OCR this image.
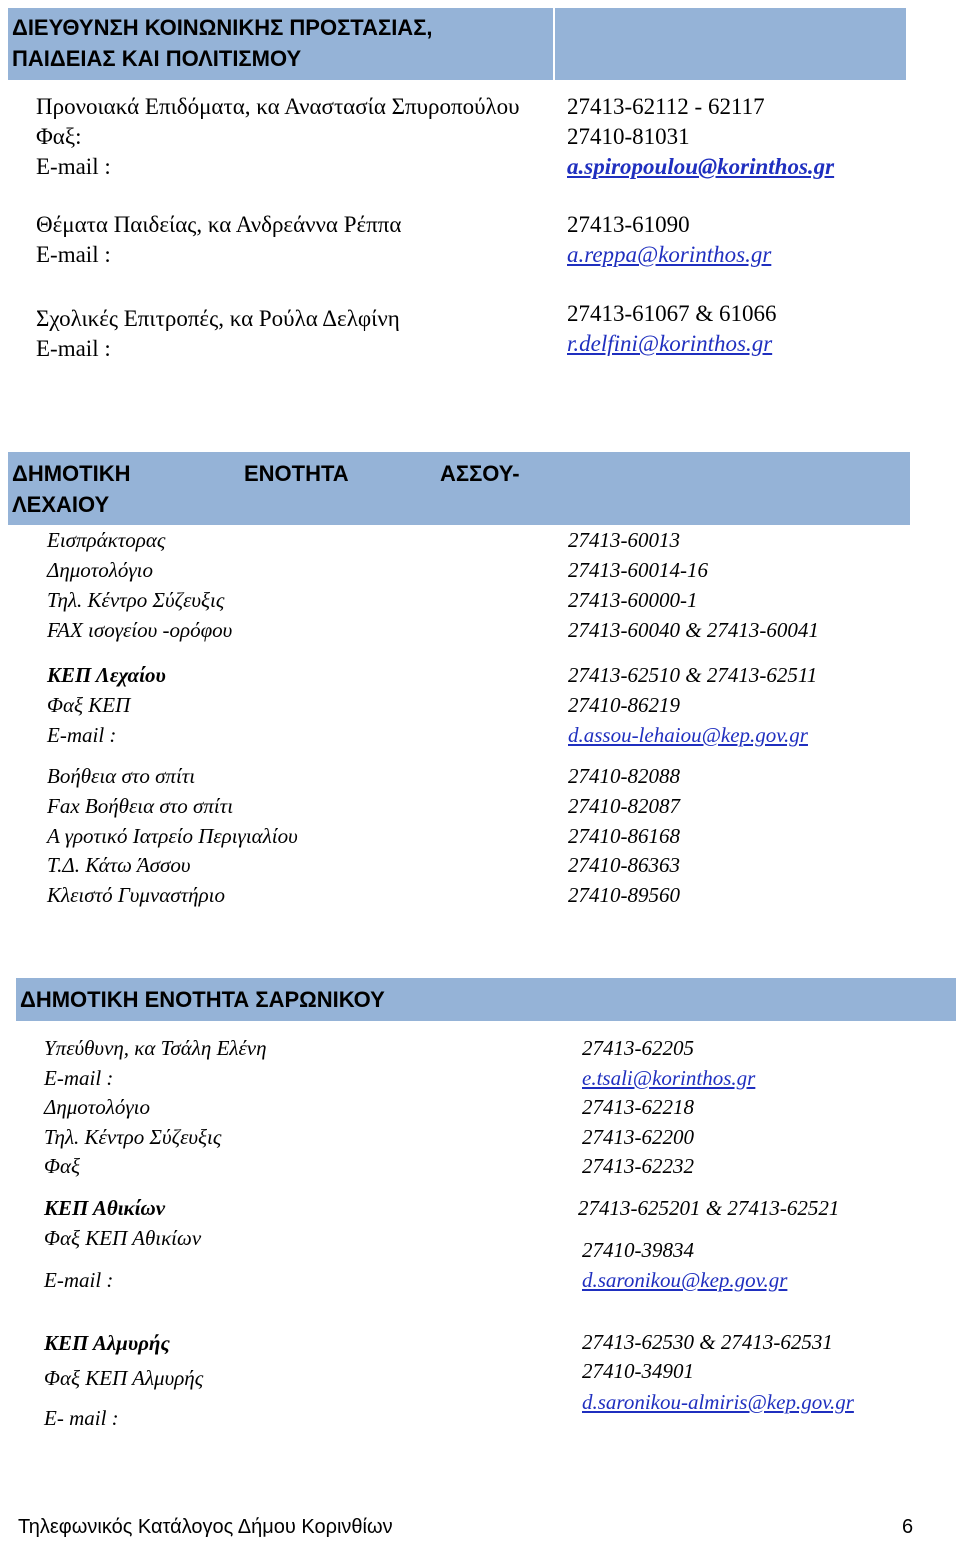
ΔΙΕΥΘΥΝΣΗ ΚΟΙΝΩΝΙΚΗΣ ΠΡΟΣΤΑΣΙΑΣ,
ΠΑΙΔΕΙΑΣ ΚΑΙ ΠΟΛΙΤΙΣΜΟΥ
Προνοιακά Επιδόματα, κα Αναστασία Σπυροπούλου 27413-62112 - 62117
Φαξ:	27410-81031
E-mail :	a.spiropoulou@korinthos.gr
Θέματα Παιδείας, κα Ανδρεάννα Ρέππα	27413-61090
E-mail :	a.reppa@korinthos.gr
Σχολικές Επιτροπές, κα Ρούλα Δελφίνη	27413-61067 & 61066
E-mail :	r.delfini@korinthos.gr
ΔΗΜΟΤΙΚΗ	ΕΝΟΤΗΤΑ	ΑΣΣΟΥ-
ΛΕΧΑΙΟΥ
Εισπράκτορας	27413-60013
Δημοτολόγιο	27413-60014-16
Τηλ. Κέντρο Σύζευξις	27413-60000-1
FAX ισογείου -ορόφου	27413-60040 & 27413-60041
ΚΕΠ Λεχαίου	27413-62510 & 27413-62511
Φαξ ΚΕΠ	27410-86219
E-mail :	d.assou-lehaiou@kep.gov.gr
Βοήθεια στο σπίτι	27410-82088
Fax Βοήθεια στο σπίτι	27410-82087
Α γροτικό Ιατρείο Περιγιαλίου	27410-86168
Τ.Δ. Κάτω Άσσου	27410-86363
Κλειστό Γυμναστήριο	27410-89560
ΔΗΜΟΤΙΚΗ ΕΝΟΤΗΤΑ ΣΑΡΩΝΙΚΟΥ
Υπεύθυνη, κα Τσάλη Ελένη	27413-62205
E-mail :	e.tsali@korinthos.gr
Δημοτολόγιο	27413-62218
Τηλ. Κέντρο Σύζευξις	27413-62200
Φαξ	27413-62232
ΚΕΠ Αθικίων	27413-625201 & 27413-62521
Φαξ ΚΕΠ Αθικίων	27410-39834
E-mail :	d.saronikou@kep.gov.gr
ΚΕΠ Αλμυρής	27413-62530 & 27413-62531
Φαξ ΚΕΠ Αλμυρής	27410-34901
E- mail :
d.saronikou-almiris@kep.gov.gr
Τηλεφωνικός Κατάλογος Δήμου Κορινθίων	6
